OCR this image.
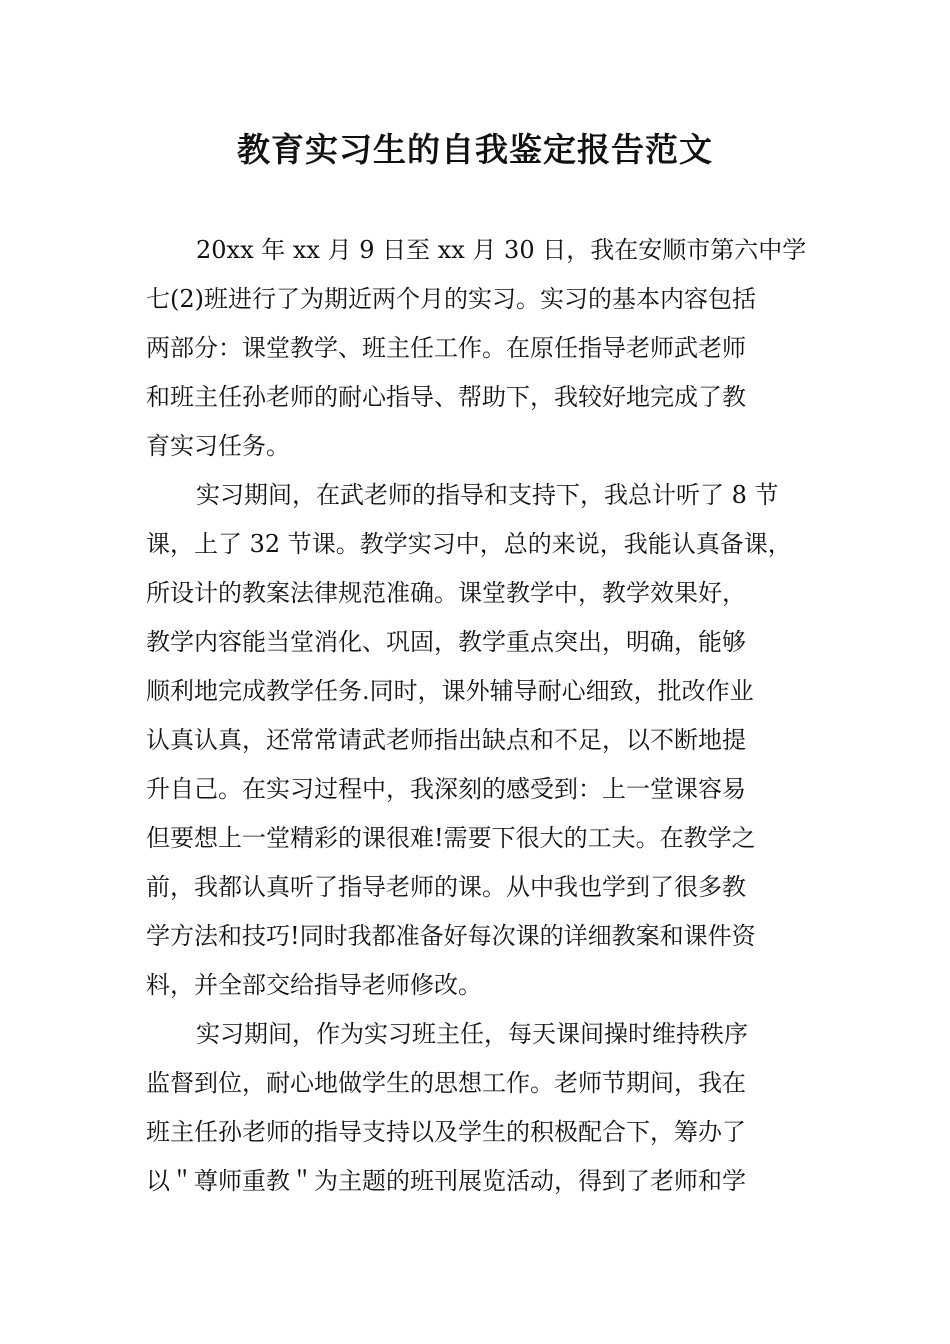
教育实习生的自我鉴定报告范文
20xx 年 xx 月 9 日至 xx 月 30 日，我在安顺市第六中学
七(2)班进行了为期近两个月的实习。实习的基本内容包括
两部分：课堂教学、班主任工作。在原任指导老师武老师
和班主任孙老师的耐心指导、帮助下，我较好地完成了教
育实习任务。
实习期间，在武老师的指导和支持下，我总计听了 8 节
课，上了 32 节课。教学实习中，总的来说，我能认真备课，
所设计的教案法律规范准确。课堂教学中，教学效果好，
教学内容能当堂消化、巩固，教学重点突出，明确，能够
顺利地完成教学任务.同时，课外辅导耐心细致，批改作业
认真认真，还常常请武老师指出缺点和不足，以不断地提
升自己。在实习过程中，我深刻的感受到：上一堂课容易
但要想上一堂精彩的课很难!需要下很大的工夫。在教学之
前，我都认真听了指导老师的课。从中我也学到了很多教
学方法和技巧!同时我都准备好每次课的详细教案和课件资
料，并全部交给指导老师修改。
实习期间，作为实习班主任，每天课间操时维持秩序
监督到位，耐心地做学生的思想工作。老师节期间，我在
班主任孙老师的指导支持以及学生的积极配合下，筹办了
以＂尊师重教＂为主题的班刊展览活动，得到了老师和学
